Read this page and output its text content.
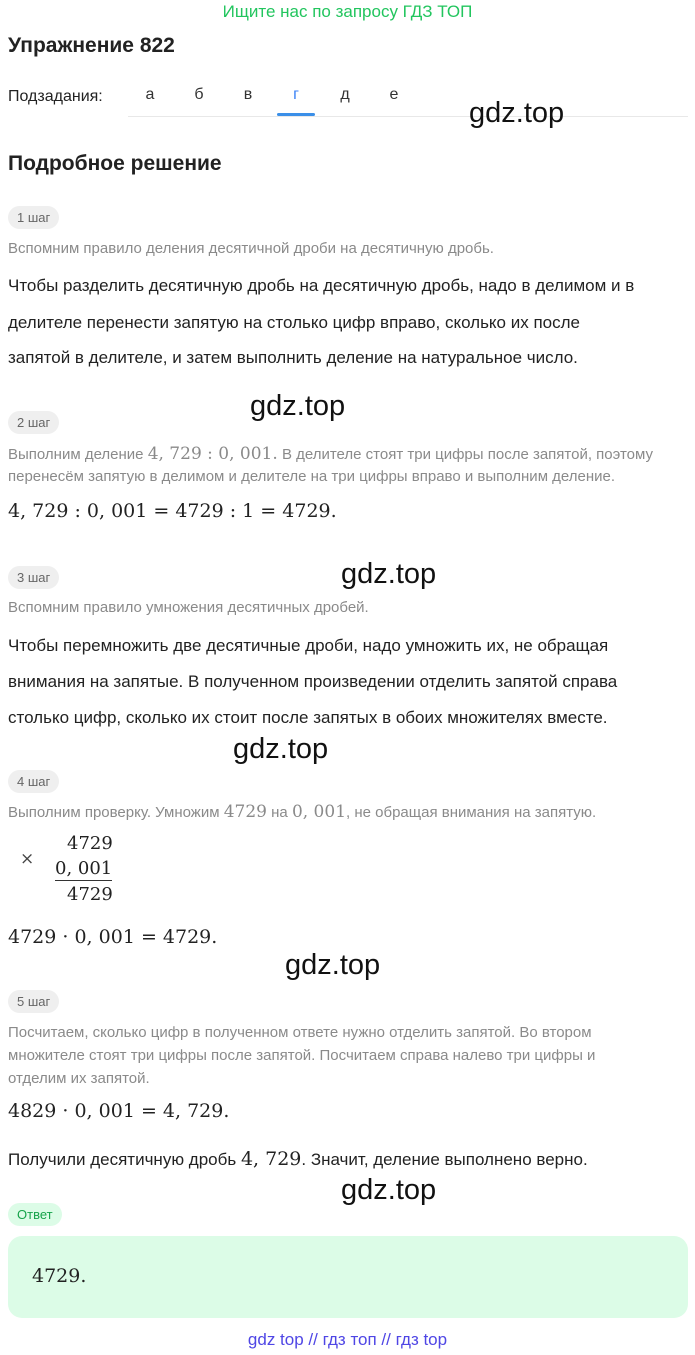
Ищите нас по запросу ГДЗ ТОП
Упражнение 822
Подзадания:	а	б	в	г	д	е
gdz.top
Подробное решение
1 шаг
Вспомним правило деления десятичной дроби на десятичную дробь.
Чтобы разделить десятичную дробь на десятичную дробь, надо в делимом и в
делителе перенести запятую на столько цифр вправо, сколько их после
запятой в делителе, и затем выполнить деление на натуральное число.
gdz.top
2 шаг
Выполним деление 4, 729 : 0, 001. В делителе стоят три цифры после запятой, поэтому
перенесём запятую в делимом и делителе на три цифры вправо и выполним деление.
4, 729 : 0, 001 = 4729 : 1 = 4729.
gdz.top
3 шаг
Вспомним правило умножения десятичных дробей.
Чтобы перемножить две десятичные дроби, надо умножить их, не обращая
внимания на запятые. В полученном произведении отделить запятой справа
столько цифр, сколько их стоит после запятых в обоих множителях вместе.
gdz.top
4 шаг
Выполним проверку. Умножим 4729 на 0, 001, не обращая внимания на запятую.
×
4729
0, 001
4729
4729 · 0, 001 = 4729.
gdz.top
5 шаг
Посчитаем, сколько цифр в полученном ответе нужно отделить запятой. Во втором
множителе стоят три цифры после запятой. Посчитаем справа налево три цифры и
отделим их запятой.
4829 · 0, 001 = 4, 729.
Получили десятичную дробь 4, 729. Значит, деление выполнено верно.
gdz.top
Ответ
4729.
gdz top // гдз топ // гдз top
